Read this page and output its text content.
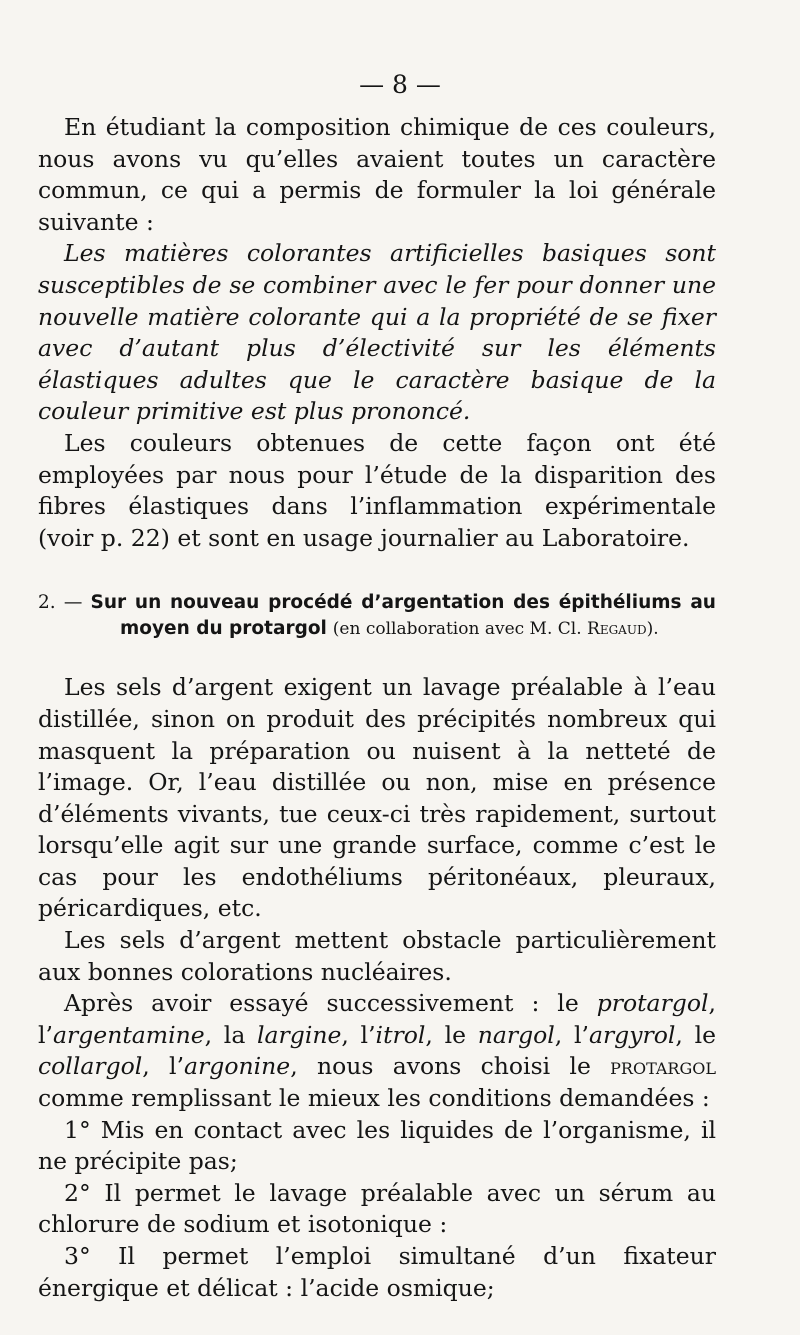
— 8 —

En étudiant la composition chimique de ces couleurs, nous avons vu qu’elles avaient toutes un caractère commun, ce qui a permis de formuler la loi générale suivante :

Les matières colorantes artificielles basiques sont susceptibles de se combiner avec le fer pour donner une nouvelle matière colorante qui a la propriété de se fixer avec d’autant plus d’électivité sur les éléments élastiques adultes que le caractère basique de la couleur primitive est plus prononcé.

Les couleurs obtenues de cette façon ont été employées par nous pour l’étude de la disparition des fibres élastiques dans l’inflammation expérimentale (voir p. 22) et sont en usage journalier au Laboratoire.

2. — Sur un nouveau procédé d’argentation des épithéliums au moyen du protargol (en collaboration avec M. Cl. Regaud).

Les sels d’argent exigent un lavage préalable à l’eau distillée, sinon on produit des précipités nombreux qui masquent la préparation ou nuisent à la netteté de l’image. Or, l’eau distillée ou non, mise en présence d’éléments vivants, tue ceux-ci très rapidement, surtout lorsqu’elle agit sur une grande surface, comme c’est le cas pour les endothéliums péritonéaux, pleuraux, péricardiques, etc.

Les sels d’argent mettent obstacle particulièrement aux bonnes colorations nucléaires.

Après avoir essayé successivement : le protargol, l’argentamine, la largine, l’itrol, le nargol, l’argyrol, le collargol, l’argonine, nous avons choisi le protargol comme remplissant le mieux les conditions demandées :

1° Mis en contact avec les liquides de l’organisme, il ne précipite pas;

2° Il permet le lavage préalable avec un sérum au chlorure de sodium et isotonique :

3° Il permet l’emploi simultané d’un fixateur énergique et délicat : l’acide osmique;
